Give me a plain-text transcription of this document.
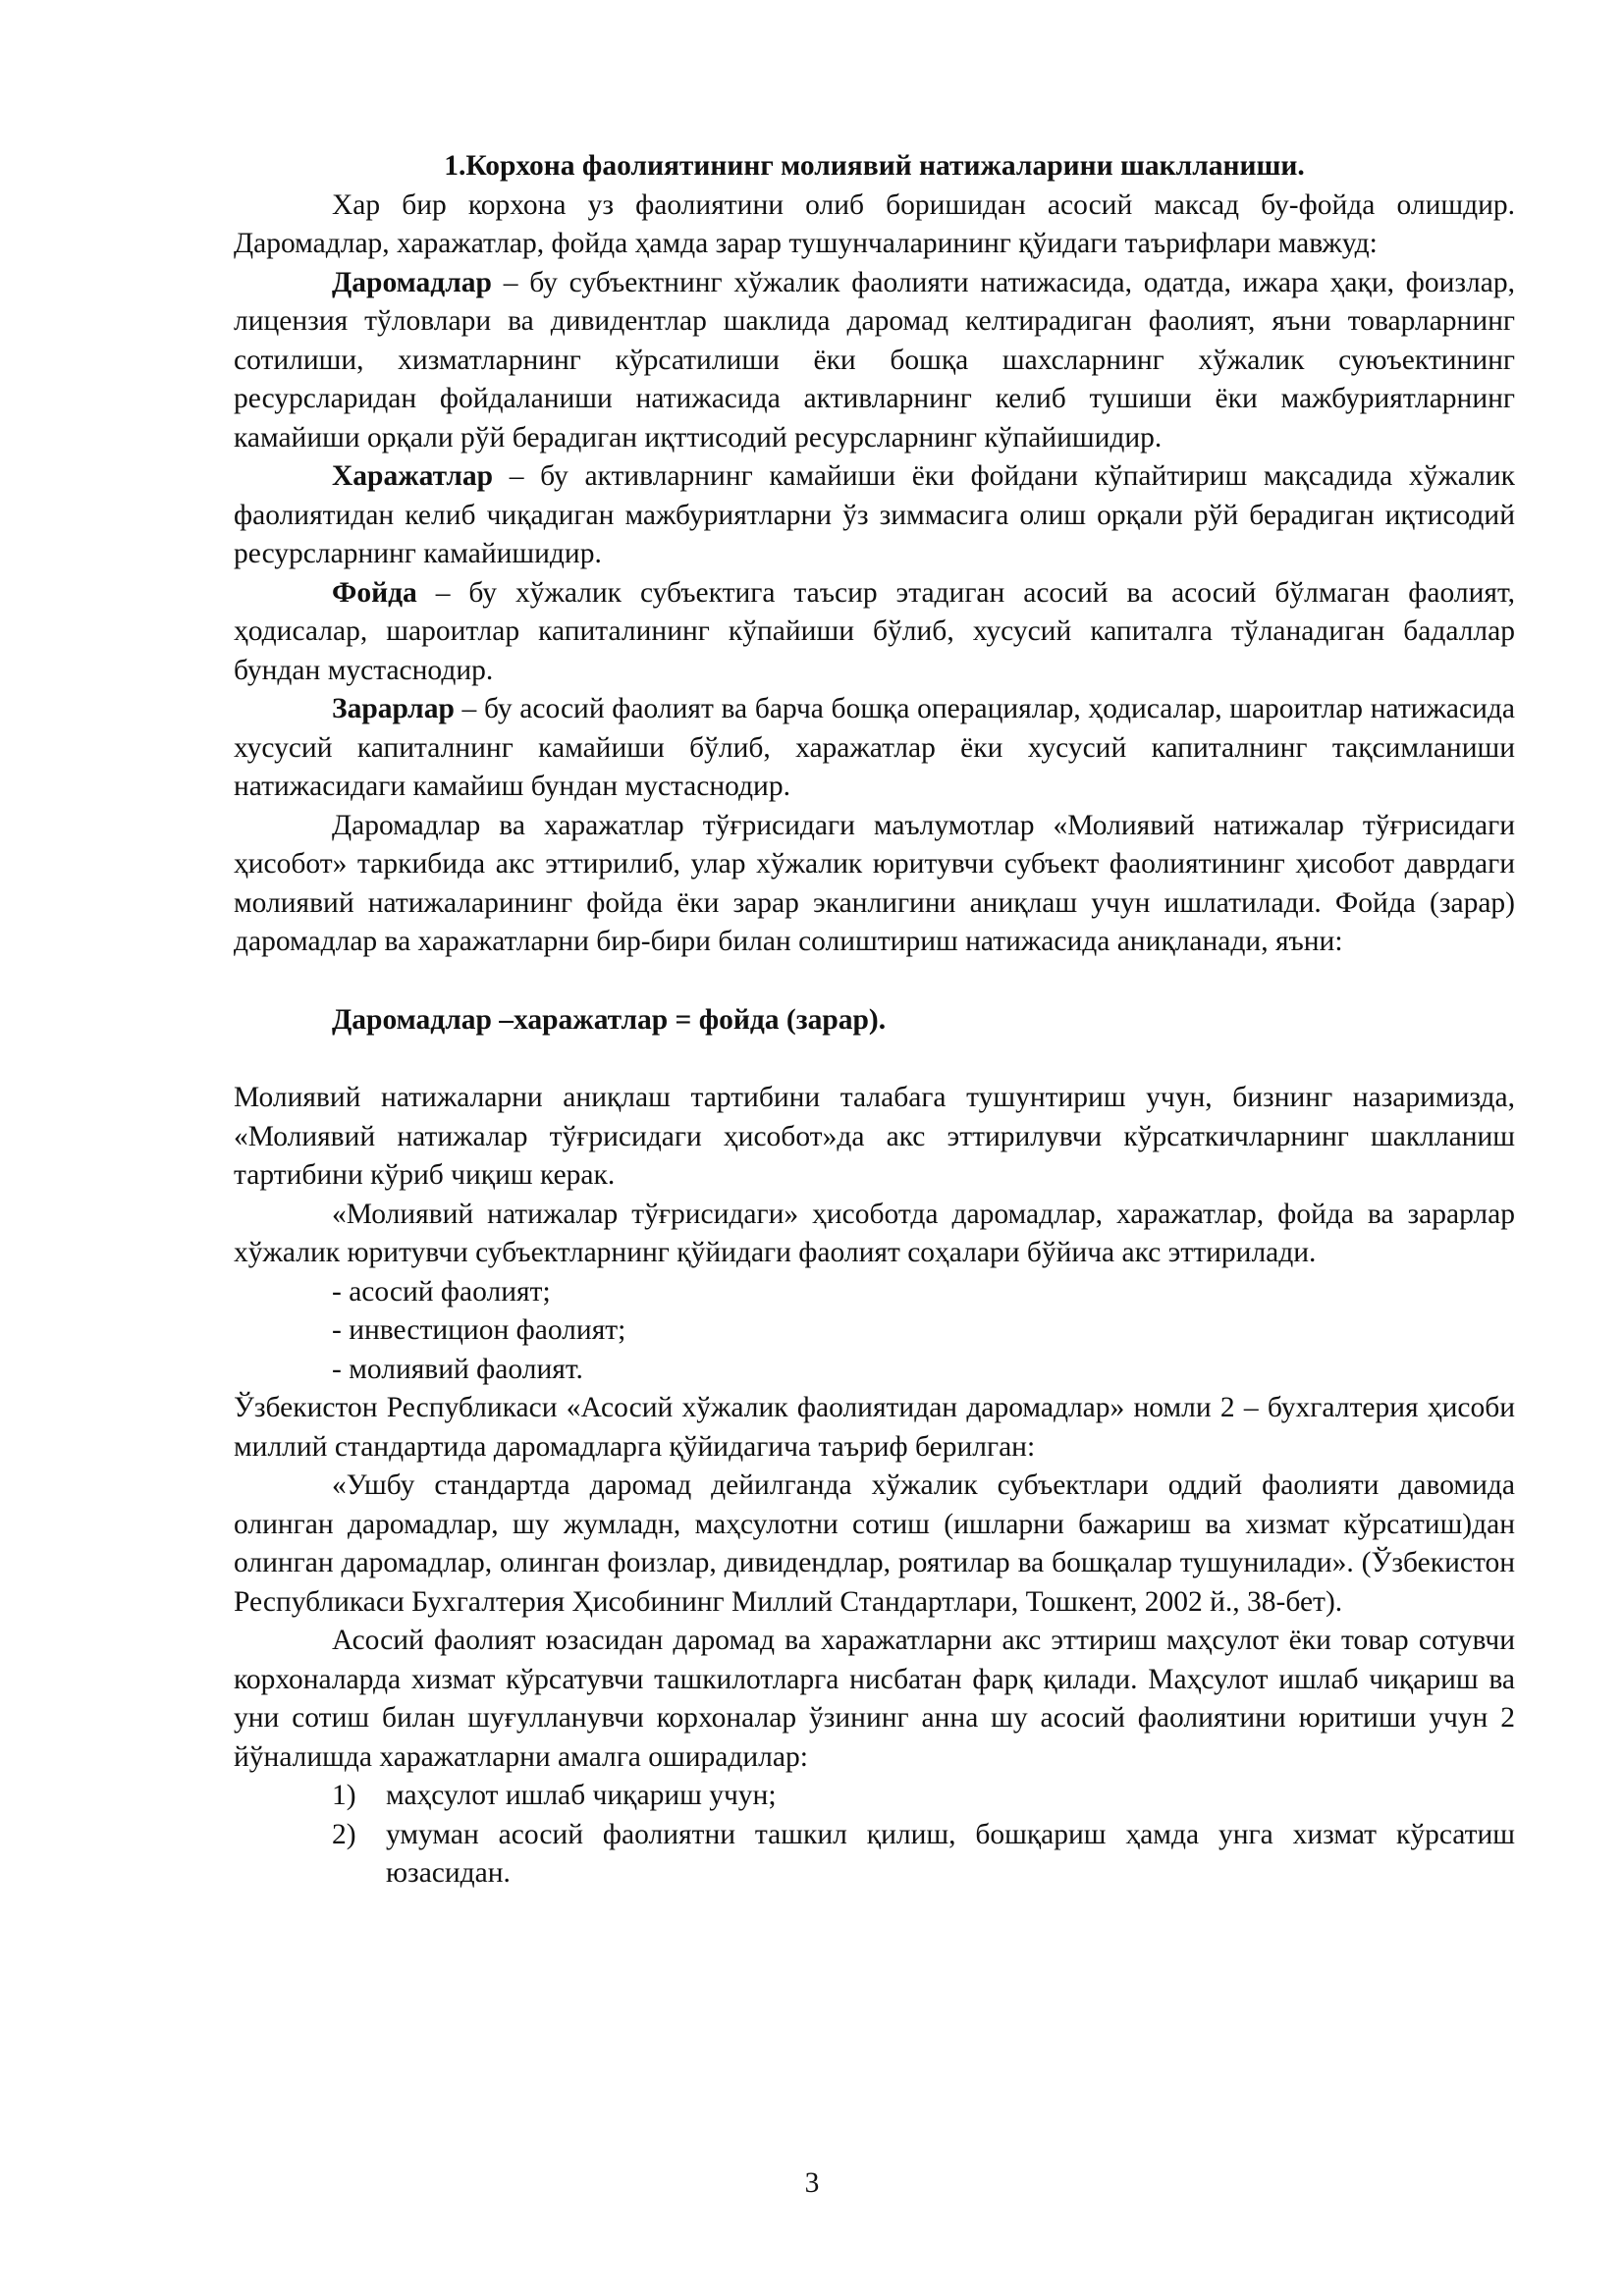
1.Корхона фаолиятининг молиявий натижаларини шаклланиши.

Хар бир корхона уз фаолиятини олиб боришидан асосий максад бу-фойда олишдир. Даромадлар, харажатлар, фойда ҳамда зарар тушунчаларининг қўидаги таърифлари мавжуд:

Даромадлар – бу субъектнинг хўжалик фаолияти натижасида, одатда, ижара ҳақи, фоизлар, лицензия тўловлари ва дивидентлар шаклида даромад келтирадиган фаолият, яъни товарларнинг сотилиши, хизматларнинг кўрсатилиши ёки бошқа шахсларнинг хўжалик суюъектининг ресурсларидан фойдаланиши натижасида активларнинг келиб тушиши ёки мажбуриятларнинг камайиши орқали рўй берадиган иқттисодий ресурсларнинг кўпайишидир.

Харажатлар – бу активларнинг камайиши ёки фойдани кўпайтириш мақсадида хўжалик фаолиятидан келиб чиқадиган мажбуриятларни ўз зиммасига олиш орқали рўй берадиган иқтисодий ресурсларнинг камайишидир.

Фойда – бу хўжалик субъектига таъсир этадиган асосий ва асосий бўлмаган фаолият, ҳодисалар, шароитлар капиталининг кўпайиши бўлиб, хусусий капиталга тўланадиган бадаллар бундан мустаснодир.

Зарарлар – бу асосий фаолият ва барча бошқа операциялар, ҳодисалар, шароитлар натижасида хусусий капиталнинг камайиши бўлиб, харажатлар ёки хусусий капиталнинг тақсимланиши натижасидаги камайиш бундан мустаснодир.

Даромадлар ва харажатлар тўғрисидаги маълумотлар «Молиявий натижалар тўғрисидаги ҳисобот» таркибида акс эттирилиб, улар хўжалик юритувчи субъект фаолиятининг ҳисобот даврдаги молиявий натижаларининг фойда ёки зарар эканлигини аниқлаш учун ишлатилади. Фойда (зарар) даромадлар ва харажатларни бир-бири билан солиштириш натижасида аниқланади, яъни:

Даромадлар –харажатлар = фойда (зарар).

Молиявий натижаларни аниқлаш тартибини талабага тушунтириш учун, бизнинг назаримизда, «Молиявий натижалар тўғрисидаги ҳисобот»да акс эттирилувчи кўрсаткичларнинг шаклланиш тартибини кўриб чиқиш керак.

«Молиявий натижалар тўғрисидаги» ҳисоботда даромадлар, харажатлар, фойда ва зарарлар хўжалик юритувчи субъектларнинг қўйидаги фаолият соҳалари бўйича акс эттирилади.

- асосий фаолият;

- инвестицион фаолият;

- молиявий фаолият.

Ўзбекистон Республикаси «Асосий хўжалик фаолиятидан даромадлар» номли 2 – бухгалтерия ҳисоби миллий стандартида даромадларга қўйидагича таъриф берилган:

«Ушбу стандартда даромад дейилганда хўжалик субъектлари оддий фаолияти давомида олинган даромадлар, шу жумладн, маҳсулотни сотиш (ишларни бажариш ва хизмат кўрсатиш)дан олинган даромадлар, олинган фоизлар, дивидендлар, роятилар ва бошқалар тушунилади». (Ўзбекистон Республикаси Бухгалтерия Ҳисобининг Миллий Стандартлари, Тошкент, 2002 й., 38-бет).

Асосий фаолият юзасидан даромад ва харажатларни акс эттириш маҳсулот ёки товар сотувчи корхоналарда хизмат кўрсатувчи ташкилотларга нисбатан фарқ қилади. Маҳсулот ишлаб чиқариш ва уни сотиш билан шуғулланувчи корхоналар ўзининг анна шу асосий фаолиятини юритиши учун 2 йўналишда харажатларни амалга оширадилар:

1)	маҳсулот ишлаб чиқариш учун;
2)	умуман асосий фаолиятни ташкил қилиш, бошқариш ҳамда унга хизмат кўрсатиш юзасидан.
3
